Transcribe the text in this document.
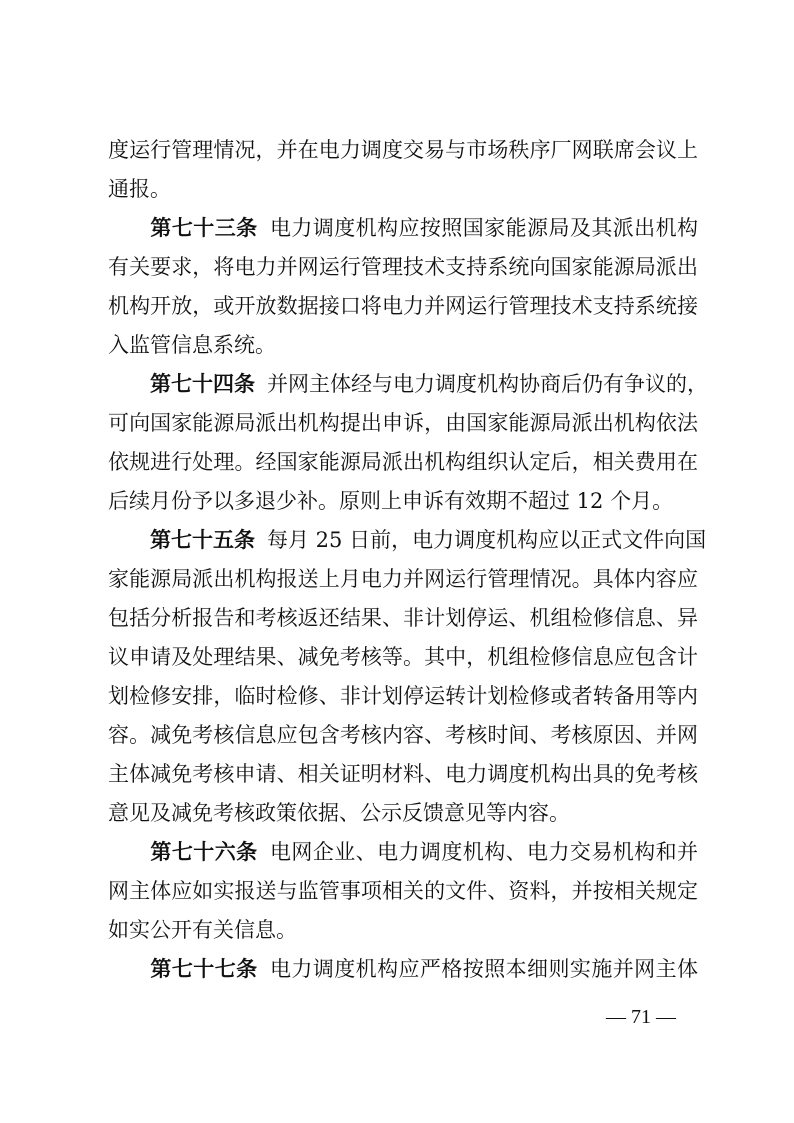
度运行管理情况，并在电力调度交易与市场秩序厂网联席会议上
通报。
第七十三条 电力调度机构应按照国家能源局及其派出机构
有关要求，将电力并网运行管理技术支持系统向国家能源局派出
机构开放，或开放数据接口将电力并网运行管理技术支持系统接
入监管信息系统。
第七十四条 并网主体经与电力调度机构协商后仍有争议的，
可向国家能源局派出机构提出申诉，由国家能源局派出机构依法
依规进行处理。经国家能源局派出机构组织认定后，相关费用在
后续月份予以多退少补。原则上申诉有效期不超过 12 个月。
第七十五条 每月 25 日前，电力调度机构应以正式文件向国
家能源局派出机构报送上月电力并网运行管理情况。具体内容应
包括分析报告和考核返还结果、非计划停运、机组检修信息、异
议申请及处理结果、减免考核等。其中，机组检修信息应包含计
划检修安排，临时检修、非计划停运转计划检修或者转备用等内
容。减免考核信息应包含考核内容、考核时间、考核原因、并网
主体减免考核申请、相关证明材料、电力调度机构出具的免考核
意见及减免考核政策依据、公示反馈意见等内容。
第七十六条 电网企业、电力调度机构、电力交易机构和并
网主体应如实报送与监管事项相关的文件、资料，并按相关规定
如实公开有关信息。
第七十七条 电力调度机构应严格按照本细则实施并网主体
— 71 —
